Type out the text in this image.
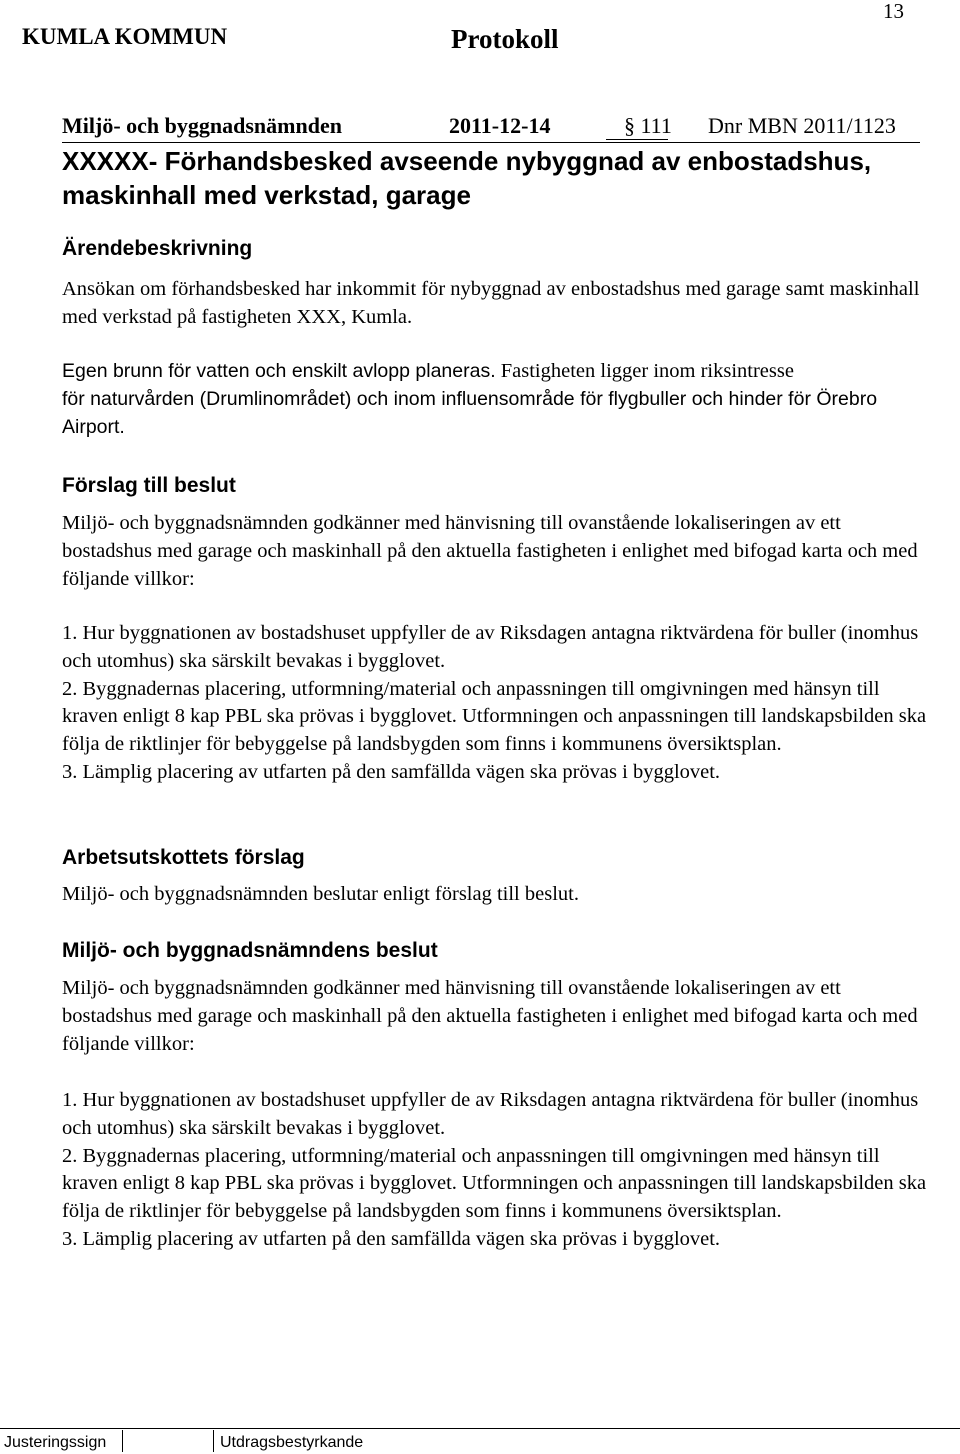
KUMLA KOMMUN	Protokoll
13
Miljö- och byggnadsnämnden	2011-12-14	§ 111 Dnr MBN 2011/1123
XXXXX- Förhandsbesked avseende nybyggnad av enbostadshus, maskinhall med verkstad, garage
Ärendebeskrivning

Ansökan om förhandsbesked har inkommit för nybyggnad av enbostadshus med garage samt maskinhall med verkstad på fastigheten XXX, Kumla.

Egen brunn för vatten och enskilt avlopp planeras. Fastigheten ligger inom riksintresse

för naturvården (Drumlinområdet) och inom influensområde för flygbuller och hinder för Örebro Airport.

Förslag till beslut

Miljö- och byggnadsnämnden godkänner med hänvisning till ovanstående lokaliseringen av ett bostadshus med garage och maskinhall på den aktuella fastigheten i enlighet med bifogad karta och med följande villkor:

1. Hur byggnationen av bostadshuset uppfyller de av Riksdagen antagna riktvärdena för buller (inomhus och utomhus) ska särskilt bevakas i bygglovet.
2. Byggnadernas placering, utformning/material och anpassningen till omgivningen med hänsyn till kraven enligt 8 kap PBL ska prövas i bygglovet. Utformningen och anpassningen till landskapsbilden ska följa de riktlinjer för bebyggelse på landsbygden som finns i kommunens översiktsplan.
3. Lämplig placering av utfarten på den samfällda vägen ska prövas i bygglovet.
Arbetsutskottets förslag

Miljö- och byggnadsnämnden beslutar enligt förslag till beslut.

Miljö- och byggnadsnämndens beslut

Miljö- och byggnadsnämnden godkänner med hänvisning till ovanstående lokaliseringen av ett bostadshus med garage och maskinhall på den aktuella fastigheten i enlighet med bifogad karta och med följande villkor:

1. Hur byggnationen av bostadshuset uppfyller de av Riksdagen antagna riktvärdena för buller (inomhus och utomhus) ska särskilt bevakas i bygglovet.
2. Byggnadernas placering, utformning/material och anpassningen till omgivningen med hänsyn till kraven enligt 8 kap PBL ska prövas i bygglovet. Utformningen och anpassningen till landskapsbilden ska följa de riktlinjer för bebyggelse på landsbygden som finns i kommunens översiktsplan.
3. Lämplig placering av utfarten på den samfällda vägen ska prövas i bygglovet.
Justeringssign	Utdragsbestyrkande
